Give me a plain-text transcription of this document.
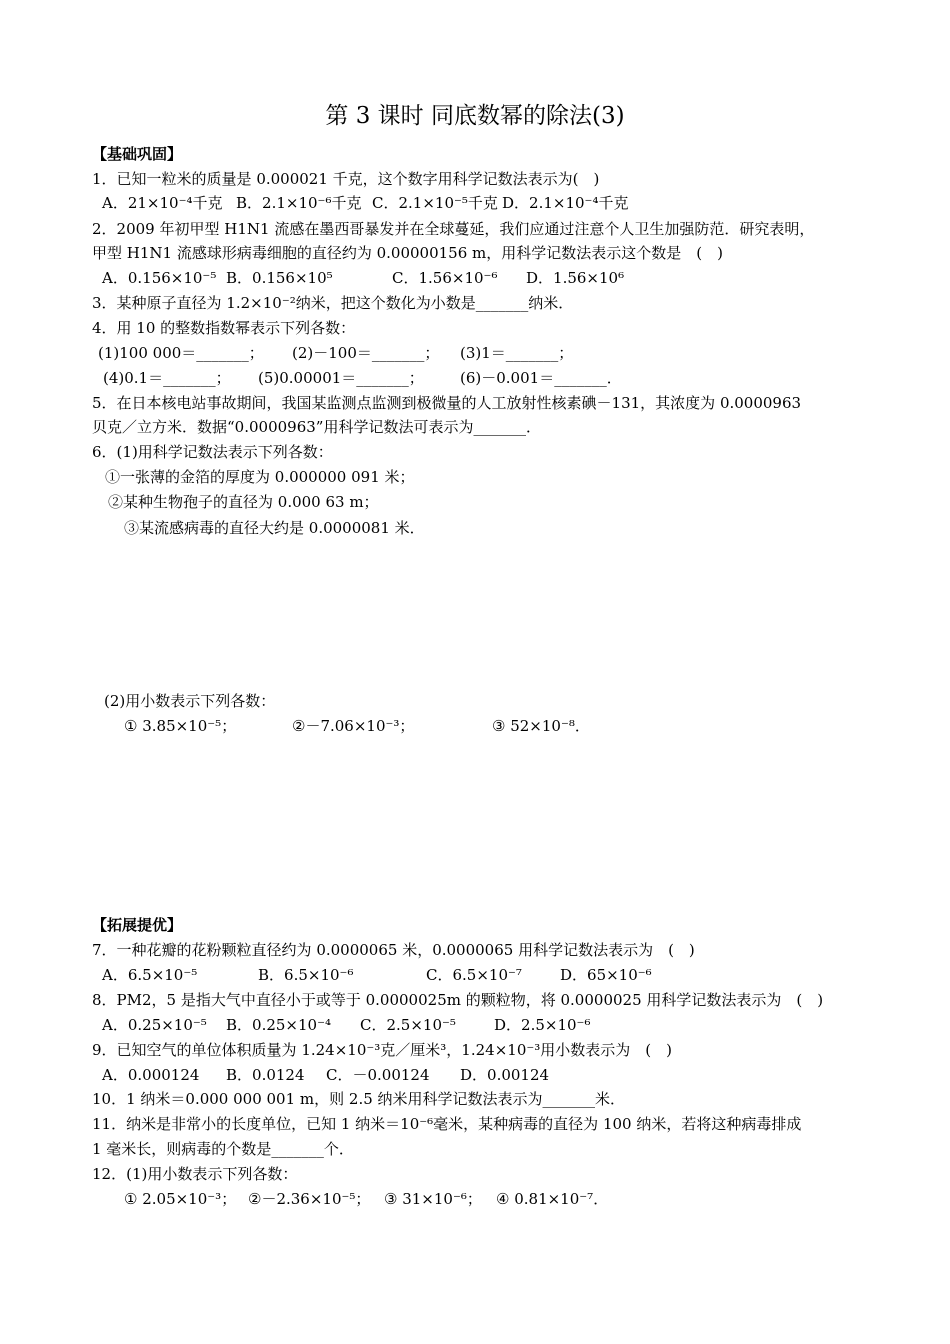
第 3 课时 同底数幂的除法(3)
【基础巩固】
1．已知一粒米的质量是 0.000021 千克，这个数字用科学记数法表示为(　)
A．21×10⁻⁴千克 B．2.1×10⁻⁶千克 C．2.1×10⁻⁵千克 D．2.1×10⁻⁴千克
2．2009 年初甲型 H1N1 流感在墨西哥暴发并在全球蔓延，我们应通过注意个人卫生加强防范．研究表明，
甲型 H1N1 流感球形病毒细胞的直径约为 0.00000156 m，用科学记数法表示这个数是　(　)
A．0.156×10⁻⁵ B．0.156×10⁵	C．1.56×10⁻⁶ D．1.56×10⁶
3．某种原子直径为 1.2×10⁻²纳米，把这个数化为小数是_______纳米．
4．用 10 的整数指数幂表示下列各数：
(1)100 000＝_______； (2)－100＝_______； (3)1＝_______；
(4)0.1＝_______； (5)0.00001＝_______； (6)－0.001＝_______．
5．在日本核电站事故期间，我国某监测点监测到极微量的人工放射性核素碘－131，其浓度为 0.0000963
贝克／立方米．数据“0.0000963”用科学记数法可表示为_______．
6．(1)用科学记数法表示下列各数：
①一张薄的金箔的厚度为 0.000000 091 米；
②某种生物孢子的直径为 0.000 63 m；
③某流感病毒的直径大约是 0.0000081 米．
(2)用小数表示下列各数：
① 3.85×10⁻⁵；	②－7.06×10⁻³；	③ 52×10⁻⁸．
【拓展提优】
7．一种花瓣的花粉颗粒直径约为 0.0000065 米，0.0000065 用科学记数法表示为　(　)
A．6.5×10⁻⁵	B．6.5×10⁻⁶	C．6.5×10⁻⁷	D．65×10⁻⁶
8．PM2，5 是指大气中直径小于或等于 0.0000025m 的颗粒物，将 0.0000025 用科学记数法表示为　(　)
A．0.25×10⁻⁵ B．0.25×10⁻⁴ C．2.5×10⁻⁵	D．2.5×10⁻⁶
9．已知空气的单位体积质量为 1.24×10⁻³克／厘米³，1.24×10⁻³用小数表示为　(　)
A．0.000124 B．0.0124 C．－0.00124 D．0.00124
10．1 纳米＝0.000 000 001 m，则 2.5 纳米用科学记数法表示为_______米．
11．纳米是非常小的长度单位，已知 1 纳米＝10⁻⁶毫米，某种病毒的直径为 100 纳米，若将这种病毒排成
1 毫米长，则病毒的个数是_______个．
12．(1)用小数表示下列各数：
① 2.05×10⁻³； ②－2.36×10⁻⁵； ③ 31×10⁻⁶； ④ 0.81×10⁻⁷．
